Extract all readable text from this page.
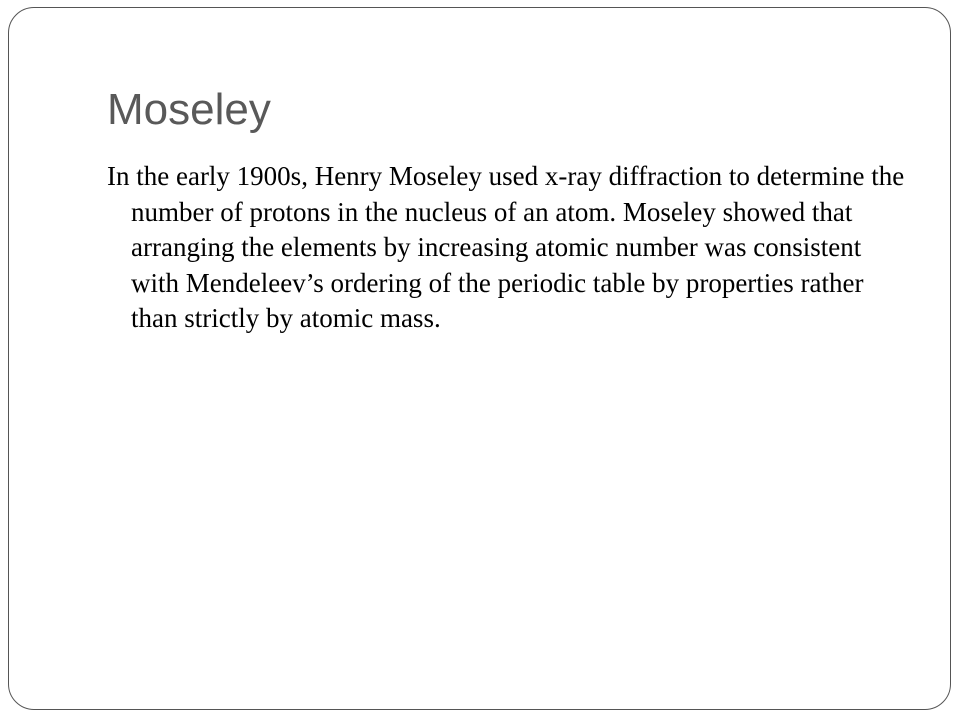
Moseley

In the early 1900s, Henry Moseley used x-ray diffraction to determine the number of protons in the nucleus of an atom. Moseley showed that arranging the elements by increasing atomic number was consistent with Mendeleev’s ordering of the periodic table by properties rather than strictly by atomic mass.
